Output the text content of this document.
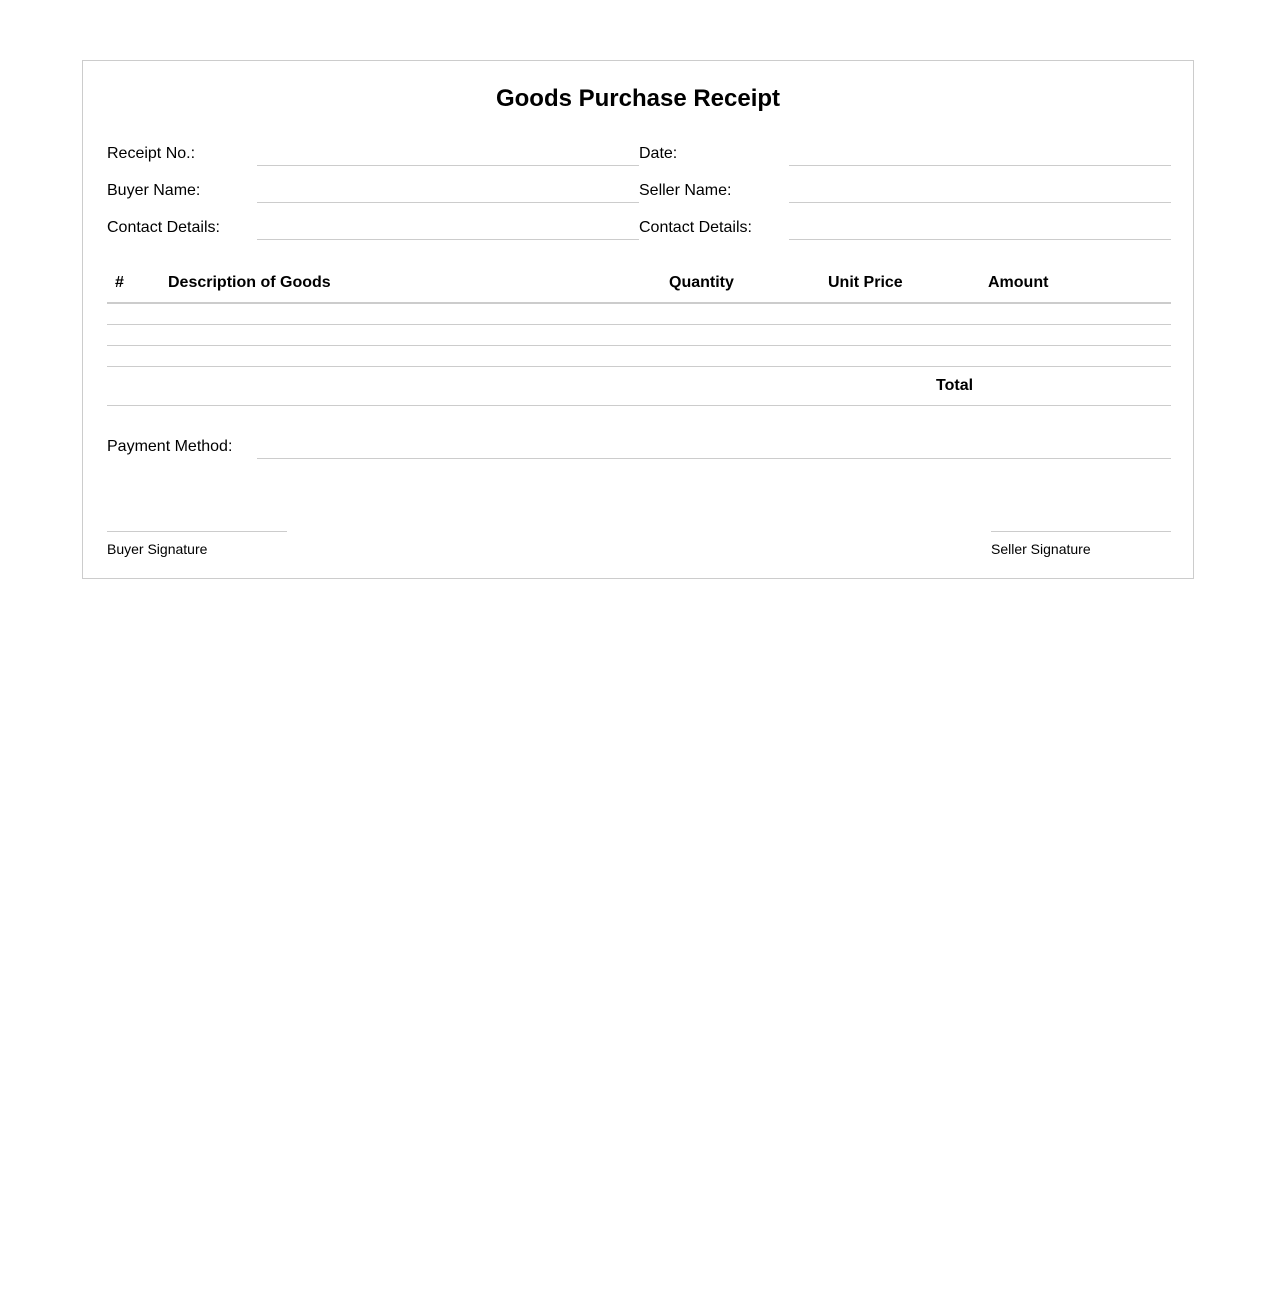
Goods Purchase Receipt
Receipt No.:	Date:
Buyer Name:	Seller Name:
Contact Details:	Contact Details:
#	Description of Goods	Quantity	Unit Price	Amount
Total
Payment Method:
Buyer Signature	Seller Signature
